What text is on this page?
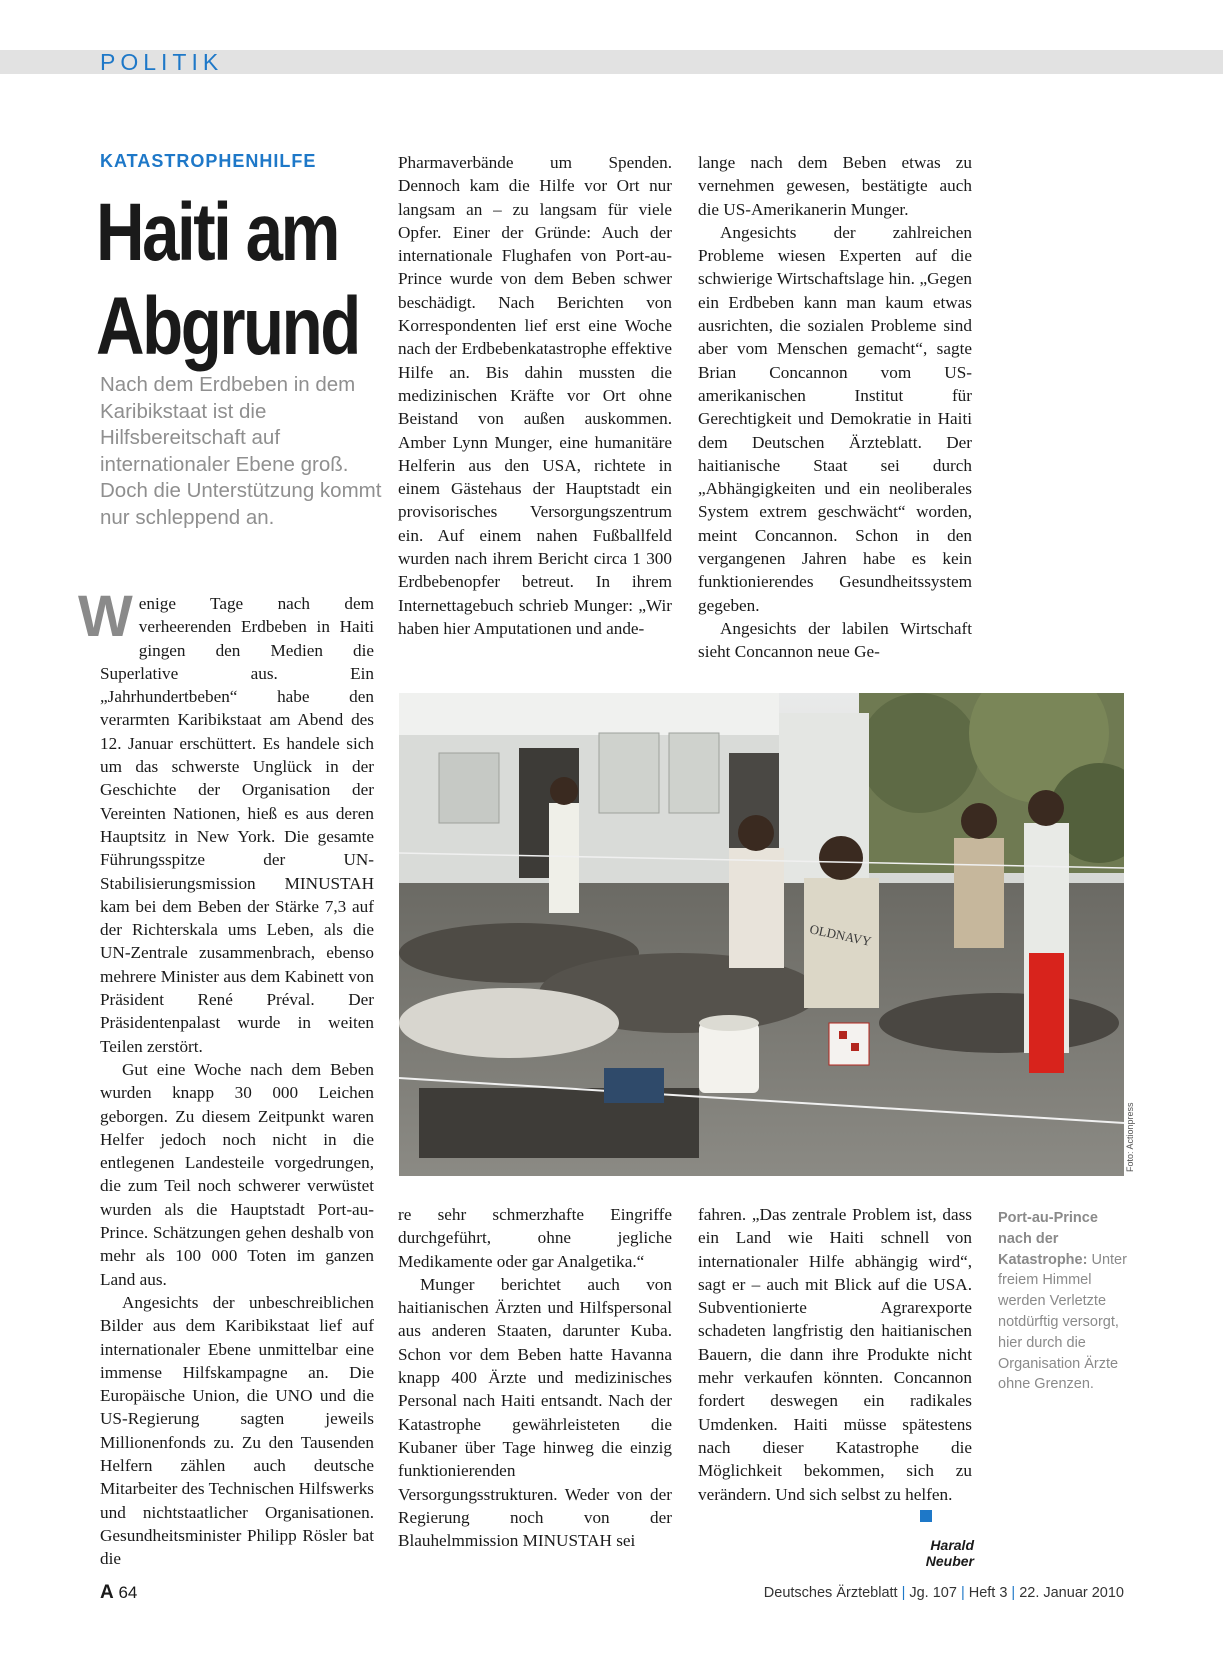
POLITIK
KATASTROPHENHILFE
Haiti am
Abgrund

Nach dem Erdbeben in dem Karibikstaat ist die Hilfsbereitschaft auf internationaler Ebene groß. Doch die Unterstützung kommt nur schleppend an.

Wenige Tage nach dem verheerenden Erdbeben in Haiti gingen den Medien die Superlative aus. Ein „Jahrhundertbeben“ habe den verarmten Karibikstaat am Abend des 12. Januar erschüttert. Es handele sich um das schwerste Unglück in der Geschichte der Organisation der Vereinten Nationen, hieß es aus deren Hauptsitz in New York. Die gesamte Führungsspitze der UN-Stabilisierungsmission MINUSTAH kam bei dem Beben der Stärke 7,3 auf der Richterskala ums Leben, als die UN-Zentrale zusammenbrach, ebenso mehrere Minister aus dem Kabinett von Präsident René Préval. Der Präsidentenpalast wurde in weiten Teilen zerstört.

Gut eine Woche nach dem Beben wurden knapp 30 000 Leichen geborgen. Zu diesem Zeitpunkt waren Helfer jedoch noch nicht in die entlegenen Landesteile vorgedrungen, die zum Teil noch schwerer verwüstet wurden als die Hauptstadt Port-au-Prince. Schätzungen gehen deshalb von mehr als 100 000 Toten im ganzen Land aus.

Angesichts der unbeschreiblichen Bilder aus dem Karibikstaat lief auf internationaler Ebene unmittelbar eine immense Hilfskampagne an. Die Europäische Union, die UNO und die US-Regierung sagten jeweils Millionenfonds zu. Zu den Tausenden Helfern zählen auch deutsche Mitarbeiter des Technischen Hilfswerks und nichtstaatlicher Organisationen. Gesundheitsminister Philipp Rösler bat die

Pharmaverbände um Spenden. Dennoch kam die Hilfe vor Ort nur langsam an – zu langsam für viele Opfer. Einer der Gründe: Auch der internationale Flughafen von Port-au-Prince wurde von dem Beben schwer beschädigt. Nach Berichten von Korrespondenten lief erst eine Woche nach der Erdbebenkatastrophe effektive Hilfe an. Bis dahin mussten die medizinischen Kräfte vor Ort ohne Beistand von außen auskommen. Amber Lynn Munger, eine humanitäre Helferin aus den USA, richtete in einem Gästehaus der Hauptstadt ein provisorisches Versorgungszentrum ein. Auf einem nahen Fußballfeld wurden nach ihrem Bericht circa 1 300 Erdbebenopfer betreut. In ihrem Internettagebuch schrieb Munger: „Wir haben hier Amputationen und ande-

lange nach dem Beben etwas zu vernehmen gewesen, bestätigte auch die US-Amerikanerin Munger.

Angesichts der zahlreichen Probleme wiesen Experten auf die schwierige Wirtschaftslage hin. „Gegen ein Erdbeben kann man kaum etwas ausrichten, die sozialen Probleme sind aber vom Menschen gemacht“, sagte Brian Concannon vom US-amerikanischen Institut für Gerechtigkeit und Demokratie in Haiti dem Deutschen Ärzteblatt. Der haitianische Staat sei durch „Abhängigkeiten und ein neoliberales System extrem geschwächt“ worden, meint Concannon. Schon in den vergangenen Jahren habe es kein funktionierendes Gesundheitssystem gegeben.

Angesichts der labilen Wirtschaft sieht Concannon neue Ge-

OLDNAVY
Foto: Actionpress
Port-au-Prince nach der Katastrophe: Unter freiem Himmel werden Verletzte notdürftig versorgt, hier durch die Organisation Ärzte ohne Grenzen.

re sehr schmerzhafte Eingriffe durchgeführt, ohne jegliche Medikamente oder gar Analgetika.“

Munger berichtet auch von haitianischen Ärzten und Hilfspersonal aus anderen Staaten, darunter Kuba. Schon vor dem Beben hatte Havanna knapp 400 Ärzte und medizinisches Personal nach Haiti entsandt. Nach der Katastrophe gewährleisteten die Kubaner über Tage hinweg die einzig funktionierenden Versorgungsstrukturen. Weder von der Regierung noch von der Blauhelmmission MINUSTAH sei

fahren. „Das zentrale Problem ist, dass ein Land wie Haiti schnell von internationaler Hilfe abhängig wird“, sagt er – auch mit Blick auf die USA. Subventionierte Agrarexporte schadeten langfristig den haitianischen Bauern, die dann ihre Produkte nicht mehr verkaufen könnten. Concannon fordert deswegen ein radikales Umdenken. Haiti müsse spätestens nach dieser Katastrophe die Möglichkeit bekommen, sich zu verändern. Und sich selbst zu helfen.

Harald Neuber
A 64	Deutsches Ärzteblatt | Jg. 107 | Heft 3 | 22. Januar 2010
